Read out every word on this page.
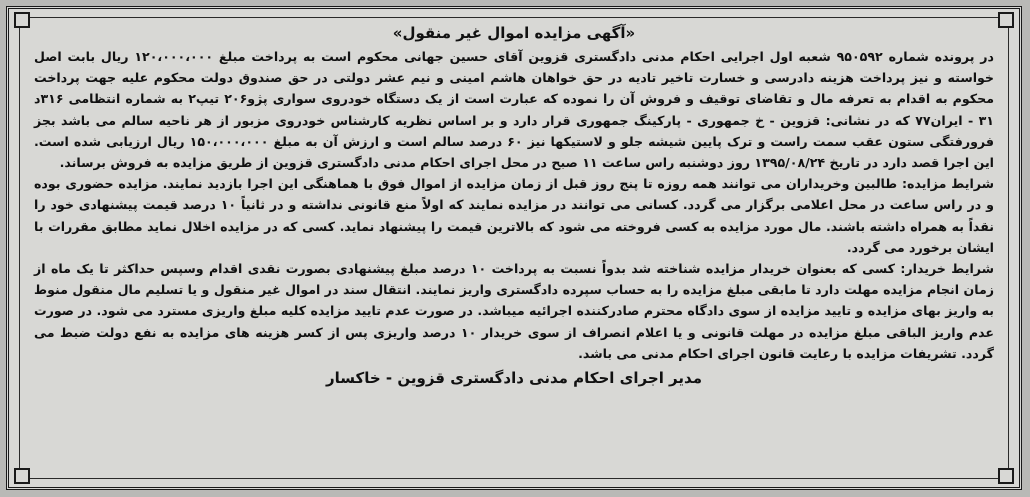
«آگهی مزایده اموال غیر منقول»

در پرونده شماره ۹۵۰۵۹۲ شعبه اول اجرایی احکام مدنی دادگستری قزوین آقای حسین جهانی محکوم است به پرداخت مبلغ ۱۲۰،۰۰۰،۰۰۰ ریال بابت اصل خواسته و نیز پرداخت هزینه دادرسی و خسارت تاخیر تادیه در حق خواهان هاشم امینی و نیم عشر دولتی در حق صندوق دولت محکوم علیه جهت پرداخت محکوم به اقدام به تعرفه مال و تقاضای توقیف و فروش آن را نموده که عبارت است از یک دستگاه خودروی سواری پژو۲۰۶ تیپ۲ به شماره انتظامی ۳۱۶د ۳۱ - ایران۷۷ که در نشانی: قزوین - خ جمهوری - پارکینگ جمهوری قرار دارد و بر اساس نظریه کارشناس خودروی مزبور از هر ناحیه سالم می باشد بجز فرورفتگی ستون عقب سمت راست و ترک پایین شیشه جلو و لاستیکها نیز ۶۰ درصد سالم است و ارزش آن به مبلغ ۱۵۰،۰۰۰،۰۰۰ ریال ارزیابی شده است. این اجرا قصد دارد در تاریخ ۱۳۹۵/۰۸/۲۴ روز دوشنبه راس ساعت ۱۱ صبح در محل اجرای احکام مدنی دادگستری قزوین از طریق مزایده به فروش برساند.

شرایط مزایده: طالبین وخریداران می توانند همه روزه تا پنج روز قبل از زمان مزایده از اموال فوق با هماهنگی این اجرا بازدید نمایند. مزایده حضوری بوده و در راس ساعت در محل اعلامی برگزار می گردد. کسانی می توانند در مزایده نمایند که اولاً منع قانونی نداشته و در ثانیاً ۱۰ درصد قیمت پیشنهادی خود را نقداً به همراه داشته باشند. مال مورد مزایده به کسی فروخته می شود که بالاترین قیمت را پیشنهاد نماید. کسی که در مزایده اخلال نماید مطابق مقررات با ایشان برخورد می گردد.

شرایط خریدار: کسی که بعنوان خریدار مزایده شناخته شد بدواً نسبت به پرداخت ۱۰ درصد مبلغ پیشنهادی بصورت نقدی اقدام وسپس حداکثر تا یک ماه از زمان انجام مزایده مهلت دارد تا مابقی مبلغ مزایده را به حساب سپرده دادگستری واریز نمایند. انتقال سند در اموال غیر منقول و یا تسلیم مال منقول منوط به واریز بهای مزایده و تایید مزایده از سوی دادگاه محترم صادرکننده اجرائیه میباشد. در صورت عدم تایید مزایده کلیه مبلغ واریزی مسترد می شود. در صورت عدم واریز الباقی مبلغ مزایده در مهلت قانونی و یا اعلام انصراف از سوی خریدار ۱۰ درصد واریزی پس از کسر هزینه های مزایده به نفع دولت ضبط می گردد. تشریفات مزایده با رعایت قانون اجرای احکام مدنی می باشد.

مدیر اجرای احکام مدنی دادگستری قزوین - خاکسار
